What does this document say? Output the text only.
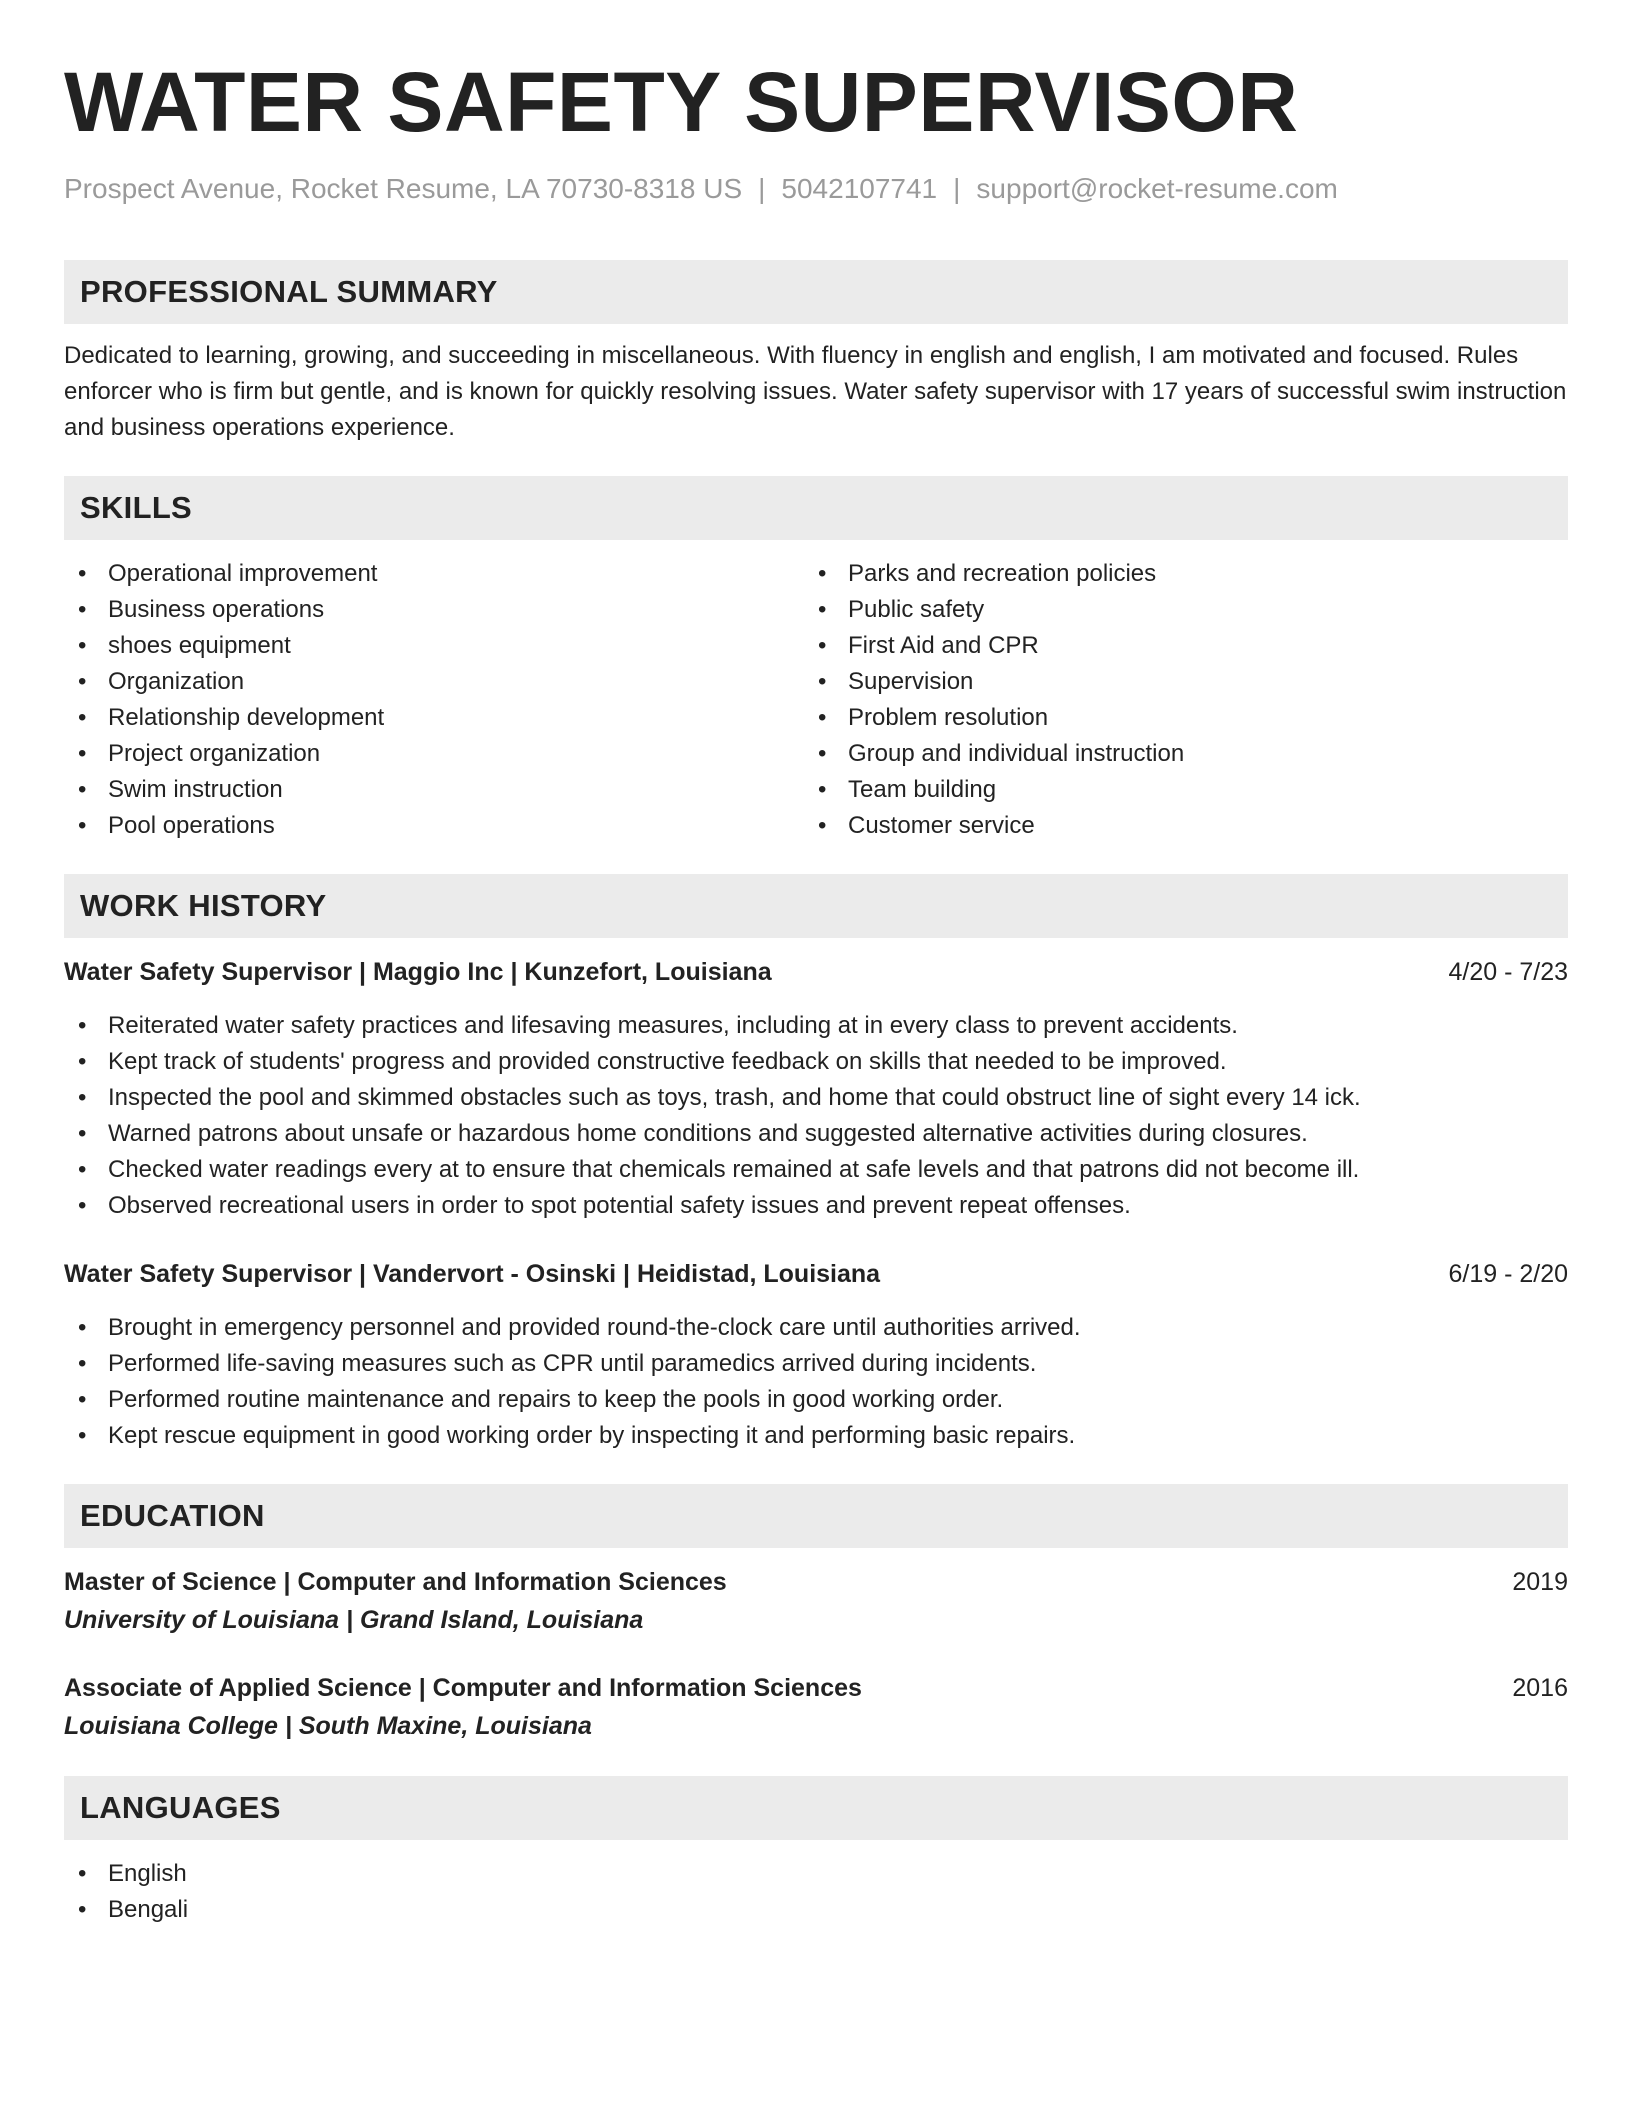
WATER SAFETY SUPERVISOR
Prospect Avenue, Rocket Resume, LA 70730-8318 US | 5042107741 | support@rocket-resume.com
PROFESSIONAL SUMMARY

Dedicated to learning, growing, and succeeding in miscellaneous. With fluency in english and english, I am motivated and focused. Rules enforcer who is firm but gentle, and is known for quickly resolving issues. Water safety supervisor with 17 years of successful swim instruction and business operations experience.

SKILLS
• Operational improvement
• Business operations
• shoes equipment
• Organization
• Relationship development
• Project organization
• Swim instruction
• Pool operations
• Parks and recreation policies
• Public safety
• First Aid and CPR
• Supervision
• Problem resolution
• Group and individual instruction
• Team building
• Customer service
WORK HISTORY
Water Safety Supervisor | Maggio Inc | Kunzefort, Louisiana	4/20 - 7/23
• Reiterated water safety practices and lifesaving measures, including at in every class to prevent accidents.
• Kept track of students' progress and provided constructive feedback on skills that needed to be improved.
• Inspected the pool and skimmed obstacles such as toys, trash, and home that could obstruct line of sight every 14 ick.
• Warned patrons about unsafe or hazardous home conditions and suggested alternative activities during closures.
• Checked water readings every at to ensure that chemicals remained at safe levels and that patrons did not become ill.
• Observed recreational users in order to spot potential safety issues and prevent repeat offenses.
Water Safety Supervisor | Vandervort - Osinski | Heidistad, Louisiana	6/19 - 2/20
• Brought in emergency personnel and provided round-the-clock care until authorities arrived.
• Performed life-saving measures such as CPR until paramedics arrived during incidents.
• Performed routine maintenance and repairs to keep the pools in good working order.
• Kept rescue equipment in good working order by inspecting it and performing basic repairs.
EDUCATION
Master of Science | Computer and Information Sciences	2019
University of Louisiana | Grand Island, Louisiana
Associate of Applied Science | Computer and Information Sciences	2016
Louisiana College | South Maxine, Louisiana
LANGUAGES
• English
• Bengali
